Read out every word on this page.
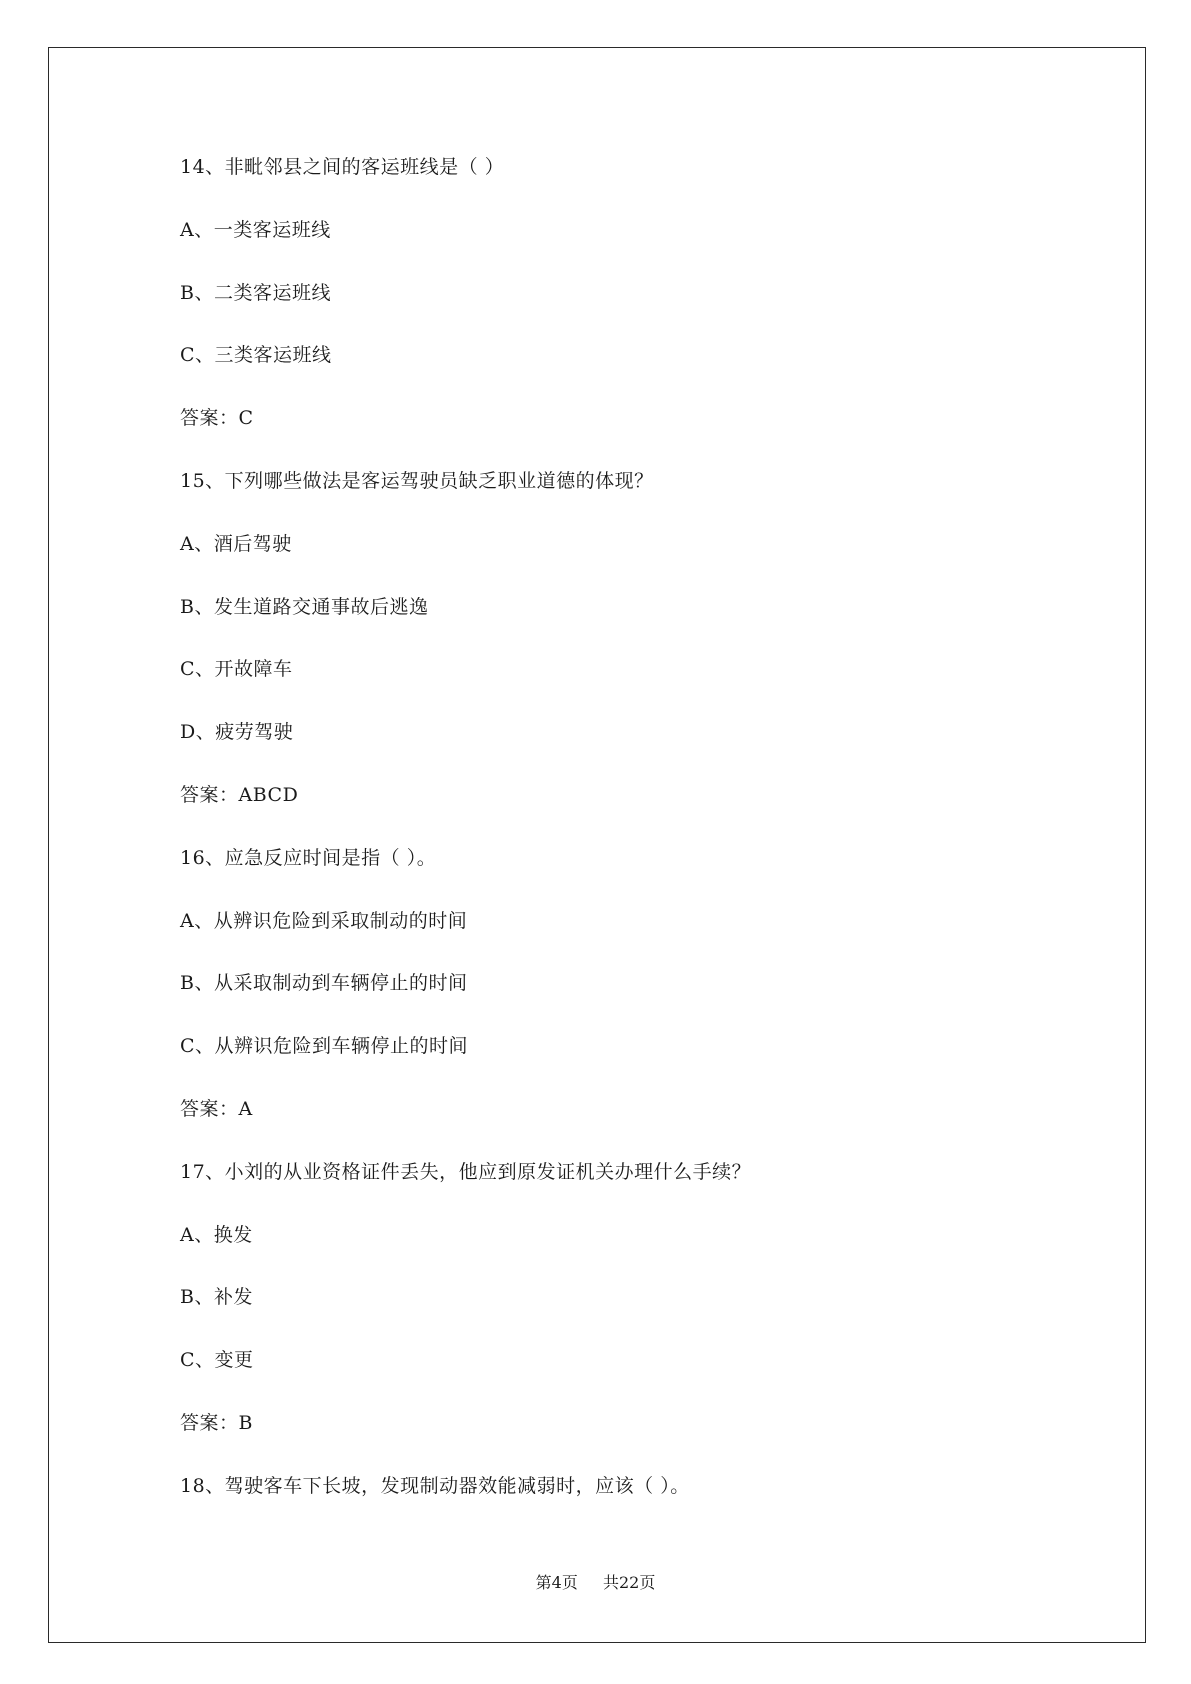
14、非毗邻县之间的客运班线是（ ）
A、一类客运班线
B、二类客运班线
C、三类客运班线
答案：C
15、下列哪些做法是客运驾驶员缺乏职业道德的体现？
A、酒后驾驶
B、发生道路交通事故后逃逸
C、开故障车
D、疲劳驾驶
答案：ABCD
16、应急反应时间是指（ ）。
A、从辨识危险到采取制动的时间
B、从采取制动到车辆停止的时间
C、从辨识危险到车辆停止的时间
答案：A
17、小刘的从业资格证件丢失，他应到原发证机关办理什么手续？
A、换发
B、补发
C、变更
答案：B
18、驾驶客车下长坡，发现制动器效能减弱时，应该（ ）。
第4页 共22页
